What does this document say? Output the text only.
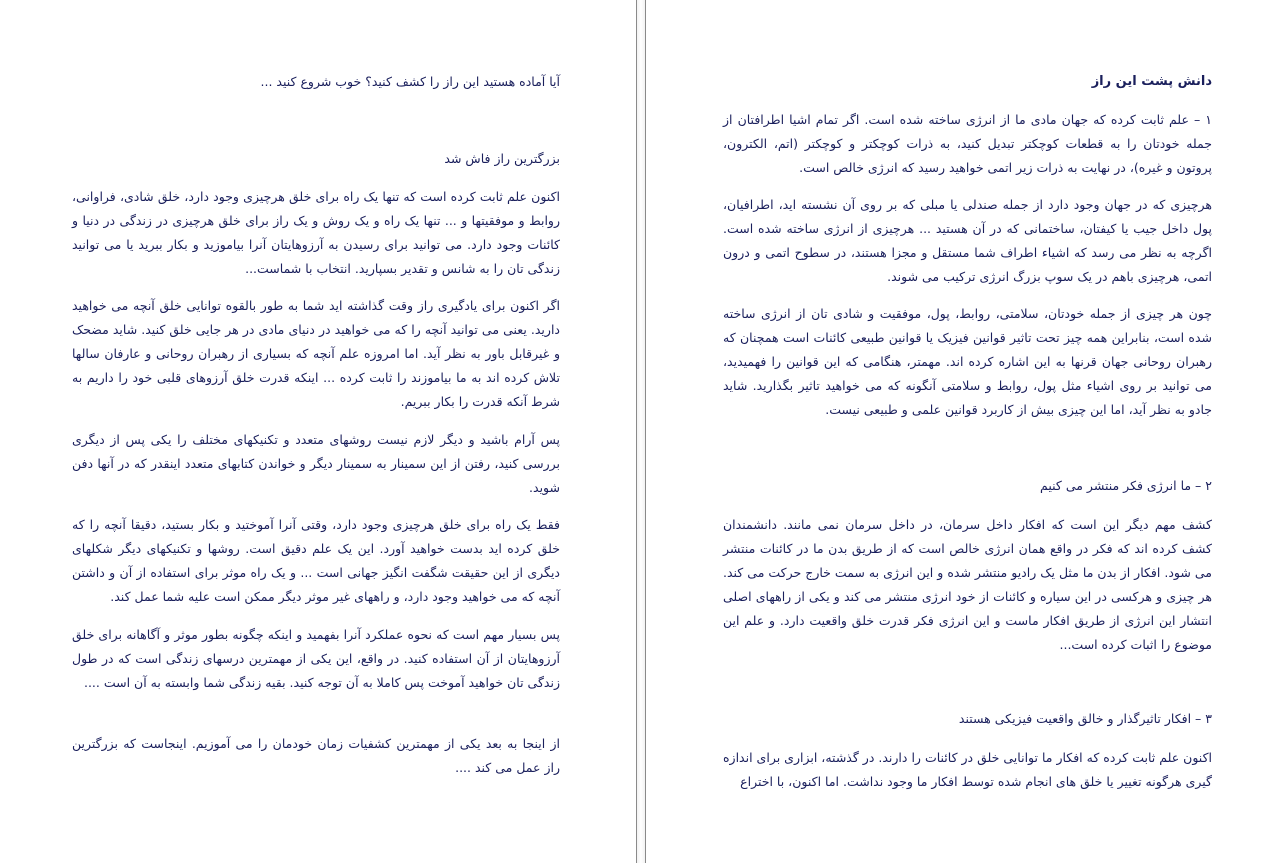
آیا آماده هستید این راز را کشف کنید؟ خوب شروع کنید ...

بزرگترین راز فاش شد

اکنون علم ثابت کرده است که تنها یک راه برای خلق هرچیزی وجود دارد، خلق شادی، فراوانی، روابط و موفقیتها و ... تنها یک راه و یک روش و یک راز برای خلق هرچیزی در زندگی در دنیا و کائنات وجود دارد. می توانید برای رسیدن به آرزوهایتان آنرا بیاموزید و بکار ببرید یا می توانید زندگی تان را به شانس و تقدیر بسپارید. انتخاب با شماست...

اگر اکنون برای یادگیری راز وقت گذاشته اید شما به طور بالقوه توانایی خلق آنچه می خواهید دارید. یعنی می توانید آنچه را که می خواهید در دنیای مادی در هر جایی خلق کنید. شاید مضحک و غیرقابل باور به نظر آید. اما امروزه علم آنچه که بسیاری از رهبران روحانی و عارفان سالها تلاش کرده اند به ما بیاموزند را ثابت کرده ... اینکه قدرت خلق آرزوهای قلبی خود را داریم به شرط آنکه قدرت را بکار ببریم.

پس آرام باشید و دیگر لازم نیست روشهای متعدد و تکنیکهای مختلف را یکی پس از دیگری بررسی کنید، رفتن از این سمینار به سمینار دیگر و خواندن کتابهای متعدد اینقدر که در آنها دفن شوید.

فقط یک راه برای خلق هرچیزی وجود دارد، وقتی آنرا آموختید و بکار بستید، دقیقا آنچه را که خلق کرده اید بدست خواهید آورد. این یک علم دقیق است. روشها و تکنیکهای دیگر شکلهای دیگری از این حقیقت شگفت انگیز جهانی است ... و یک راه موثر برای استفاده از آن و داشتن آنچه که می خواهید وجود دارد، و راههای غیر موثر دیگر ممکن است علیه شما عمل کند.

پس بسیار مهم است که نحوه عملکرد آنرا بفهمید و اینکه چگونه بطور موثر و آگاهانه برای خلق آرزوهایتان از آن استفاده کنید. در واقع، این یکی از مهمترین درسهای زندگی است که در طول زندگی تان خواهید آموخت پس کاملا به آن توجه کنید. بقیه زندگی شما وابسته به آن است ....

از اینجا به بعد یکی از مهمترین کشفیات زمان خودمان را می آموزیم. اینجاست که بزرگترین راز عمل می کند ....

دانش پشت این راز

۱ – علم ثابت کرده که جهان مادی ما از انرژی ساخته شده است. اگر تمام اشیا اطرافتان از جمله خودتان را به قطعات کوچکتر تبدیل کنید، به ذرات کوچکتر و کوچکتر (اتم، الکترون، پروتون و غیره)، در نهایت به ذرات زیر اتمی خواهید رسید که انرژی خالص است.

هرچیزی که در جهان وجود دارد از جمله صندلی یا مبلی که بر روی آن نشسته اید، اطرافیان، پول داخل جیب یا کیفتان، ساختمانی که در آن هستید ... هرچیزی از انرژی ساخته شده است. اگرچه به نظر می رسد که اشیاء اطراف شما مستقل و مجزا هستند، در سطوح اتمی و درون اتمی، هرچیزی باهم در یک سوپ بزرگ انرژی ترکیب می شوند.

چون هر چیزی از جمله خودتان، سلامتی، روابط، پول، موفقیت و شادی تان از انرژی ساخته شده است، بنابراین همه چیز تحت تاثیر قوانین فیزیک یا قوانین طبیعی کائنات است همچنان که رهبران روحانی جهان قرنها به این اشاره کرده اند. مهمتر، هنگامی که این قوانین را فهمیدید، می توانید بر روی اشیاء مثل پول، روابط و سلامتی آنگونه که می خواهید تاثیر بگذارید. شاید جادو به نظر آید، اما این چیزی بیش از کاربرد قوانین علمی و طبیعی نیست.

۲ – ما انرژی فکر منتشر می کنیم

کشف مهم دیگر این است که افکار داخل سرمان، در داخل سرمان نمی مانند. دانشمندان کشف کرده اند که فکر در واقع همان انرژی خالص است که از طریق بدن ما در کائنات منتشر می شود. افکار از بدن ما مثل یک رادیو منتشر شده و این انرژی به سمت خارج حرکت می کند. هر چیزی و هرکسی در این سیاره و کائنات از خود انرژی منتشر می کند و یکی از راههای اصلی انتشار این انرژی از طریق افکار ماست و این انرژی فکر قدرت خلق واقعیت دارد. و علم این موضوع را اثبات کرده است...

۳ – افکار تاثیرگذار و خالق واقعیت فیزیکی هستند

اکنون علم ثابت کرده که افکار ما توانایی خلق در کائنات را دارند. در گذشته، ابزاری برای اندازه گیری هرگونه تغییر یا خلق های انجام شده توسط افکار ما وجود نداشت. اما اکنون، با اختراع
